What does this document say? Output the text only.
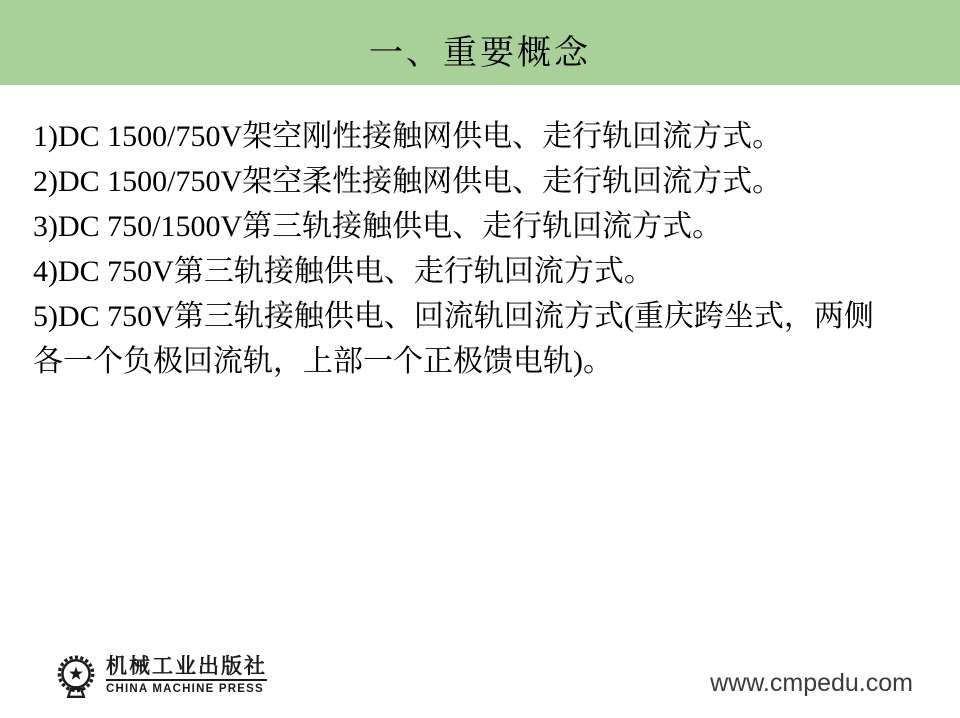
一、重要概念
1)DC 1500/750V架空刚性接触网供电、走行轨回流方式。
2)DC 1500/750V架空柔性接触网供电、走行轨回流方式。
3)DC 750/1500V第三轨接触供电、走行轨回流方式。
4)DC 750V第三轨接触供电、走行轨回流方式。
5)DC 750V第三轨接触供电、回流轨回流方式(重庆跨坐式，两侧
各一个负极回流轨，上部一个正极馈电轨)。
机械工业出版社
CHINA MACHINE PRESS	www.cmpedu.com
